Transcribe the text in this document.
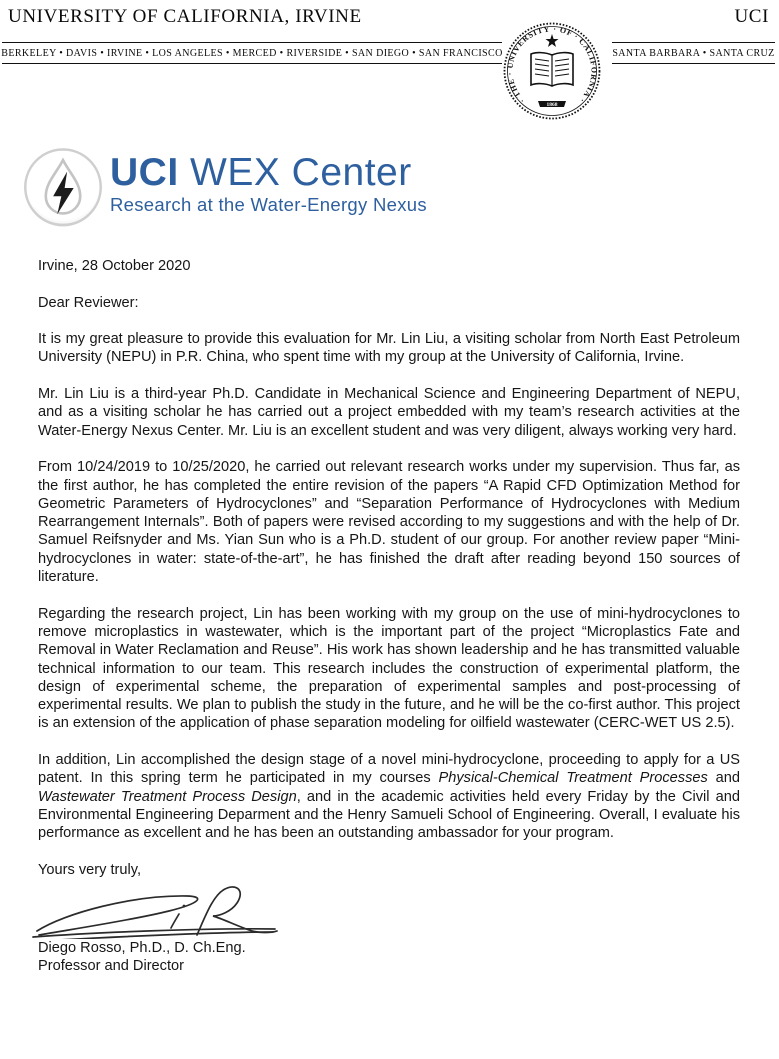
UNIVERSITY OF CALIFORNIA, IRVINE	UCI
BERKELEY • DAVIS • IRVINE • LOS ANGELES • MERCED • RIVERSIDE • SAN DIEGO • SAN FRANCISCO	SANTA BARBARA • SANTA CRUZ
· THE · UNIVERSITY · OF · CALIFORNIA ·
1868
UCI WEX Center
Research at the Water-Energy Nexus

Irvine, 28 October 2020

Dear Reviewer:

It is my great pleasure to provide this evaluation for Mr. Lin Liu, a visiting scholar from North East Petroleum University (NEPU) in P.R. China, who spent time with my group at the University of California, Irvine.

Mr. Lin Liu is a third-year Ph.D. Candidate in Mechanical Science and Engineering Department of NEPU, and as a visiting scholar he has carried out a project embedded with my team’s research activities at the Water-Energy Nexus Center. Mr. Liu is an excellent student and was very diligent, always working very hard.

From 10/24/2019 to 10/25/2020, he carried out relevant research works under my supervision. Thus far, as the first author, he has completed the entire revision of the papers “A Rapid CFD Optimization Method for Geometric Parameters of Hydrocyclones” and “Separation Performance of Hydrocyclones with Medium Rearrangement Internals”. Both of papers were revised according to my suggestions and with the help of Dr. Samuel Reifsnyder and Ms. Yian Sun who is a Ph.D. student of our group. For another review paper “Mini-hydrocyclones in water: state-of-the-art”, he has finished the draft after reading beyond 150 sources of literature.

Regarding the research project, Lin has been working with my group on the use of mini-hydrocyclones to remove microplastics in wastewater, which is the important part of the project “Microplastics Fate and Removal in Water Reclamation and Reuse”. His work has shown leadership and he has transmitted valuable technical information to our team. This research includes the construction of experimental platform, the design of experimental scheme, the preparation of experimental samples and post-processing of experimental results. We plan to publish the study in the future, and he will be the co-first author. This project is an extension of the application of phase separation modeling for oilfield wastewater (CERC-WET US 2.5).

In addition, Lin accomplished the design stage of a novel mini-hydrocyclone, proceeding to apply for a US patent. In this spring term he participated in my courses Physical-Chemical Treatment Processes and Wastewater Treatment Process Design, and in the academic activities held every Friday by the Civil and Environmental Engineering Deparment and the Henry Samueli School of Engineering. Overall, I evaluate his performance as excellent and he has been an outstanding ambassador for your program.

Yours very truly,

Diego Rosso, Ph.D., D. Ch.Eng.

Professor and Director
